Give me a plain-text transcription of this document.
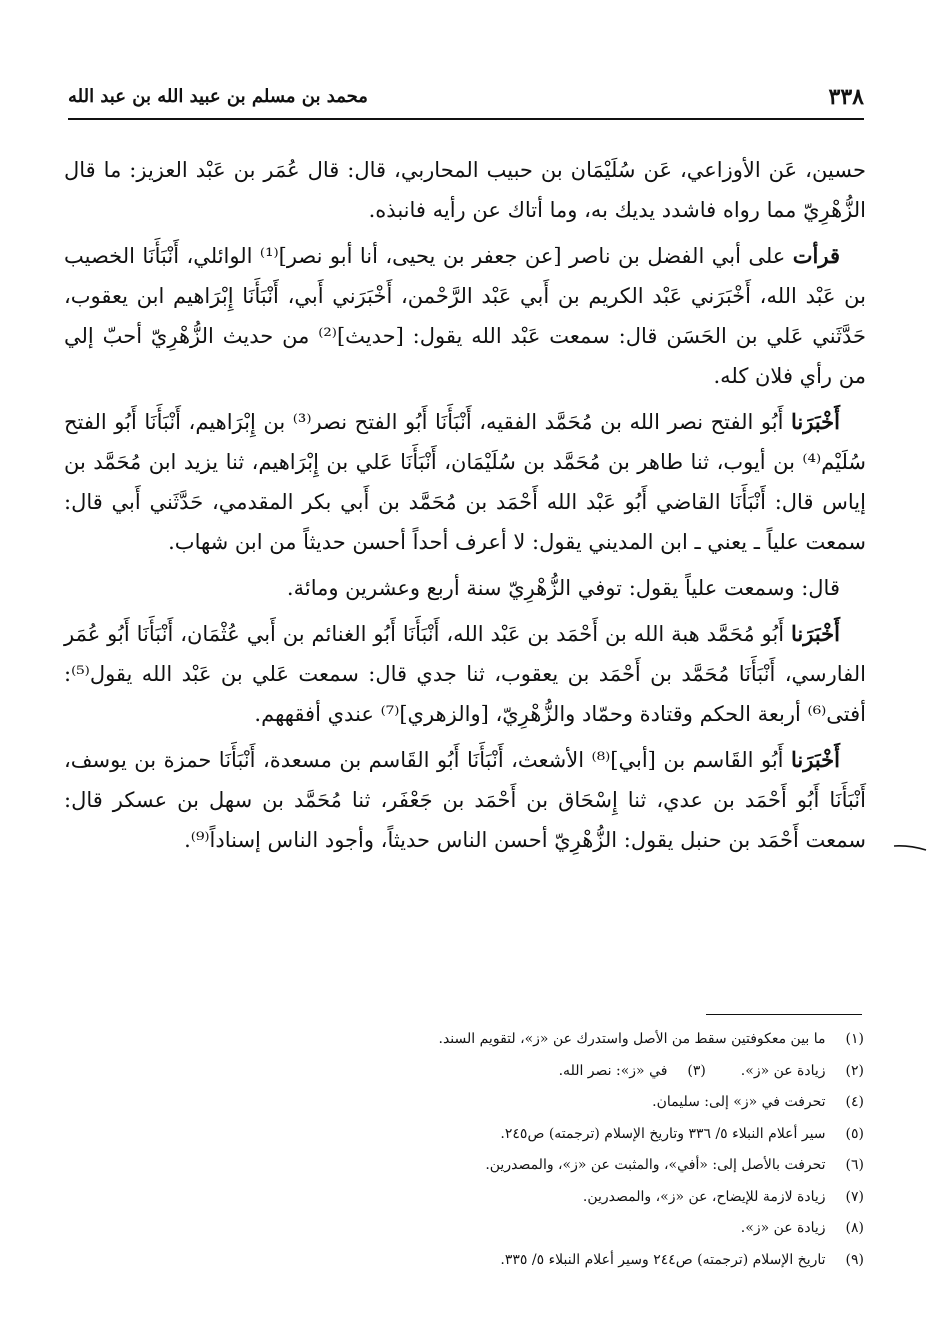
٣٣٨
محمد بن مسلم بن عبيد الله بن عبد الله

حسين، عَن الأوزاعي، عَن سُلَيْمَان بن حبيب المحاربي، قال: قال عُمَر بن عَبْد العزيز: ما قال الزُّهْرِيّ مما رواه فاشدد يديك به، وما أتاك عن رأيه فانبذه.

قرأت على أبي الفضل بن ناصر [عن جعفر بن يحيى، أنا أبو نصر]⁽¹⁾ الوائلي، أَنْبَأَنَا الخصيب بن عَبْد الله، أَخْبَرَني عَبْد الكريم بن أَبي عَبْد الرَّحْمن، أَخْبَرَني أَبي، أَنْبَأَنَا إِبْرَاهيم ابن يعقوب، حَدَّثَني عَلي بن الحَسَن قال: سمعت عَبْد الله يقول: [حديث]⁽²⁾ من حديث الزُّهْرِيّ أحبّ إلي من رأي فلان كله.

أَخْبَرَنا أَبُو الفتح نصر الله بن مُحَمَّد الفقيه، أَنْبَأَنَا أَبُو الفتح نصر⁽³⁾ بن إِبْرَاهيم، أَنْبَأَنَا أَبُو الفتح سُلَيْم⁽⁴⁾ بن أيوب، ثنا طاهر بن مُحَمَّد بن سُلَيْمَان، أَنْبَأَنَا عَلي بن إِبْرَاهيم، ثنا يزيد ابن مُحَمَّد بن إياس قال: أَنْبَأَنَا القاضي أَبُو عَبْد الله أَحْمَد بن مُحَمَّد بن أَبي بكر المقدمي، حَدَّثَني أَبي قال: سمعت علياً ـ يعني ـ ابن المديني يقول: لا أعرف أحداً أحسن حديثاً من ابن شهاب.

قال: وسمعت علياً يقول: توفي الزُّهْرِيّ سنة أربع وعشرين ومائة.

أَخْبَرَنا أَبُو مُحَمَّد هبة الله بن أَحْمَد بن عَبْد الله، أَنْبَأَنَا أَبُو الغنائم بن أَبي عُثْمَان، أَنْبَأَنَا أَبُو عُمَر الفارسي، أَنْبَأَنَا مُحَمَّد بن أَحْمَد بن يعقوب، ثنا جدي قال: سمعت عَلي بن عَبْد الله يقول⁽⁵⁾: أفتى⁽⁶⁾ أربعة الحكم وقتادة وحمّاد والزُّهْرِيّ، [والزهري]⁽⁷⁾ عندي أفقههم.

أَخْبَرَنا أَبُو القَاسم بن [أبي]⁽⁸⁾ الأشعث، أَنْبَأَنَا أَبُو القَاسم بن مسعدة، أَنْبَأَنَا حمزة بن يوسف، أَنْبَأَنَا أَبُو أَحْمَد بن عدي، ثنا إِسْحَاق بن أَحْمَد بن جَعْفَر، ثنا مُحَمَّد بن سهل بن عسكر قال: سمعت أَحْمَد بن حنبل يقول: الزُّهْرِيّ أحسن الناس حديثاً، وأجود الناس إسناداً⁽⁹⁾.

(١) ما بين معكوفتين سقط من الأصل واستدرك عن «ز»، لتقويم السند.
(٢) زيادة عن «ز».  (٣) في «ز»: نصر الله.
(٤) تحرفت في «ز» إلى: سليمان.
(٥) سير أعلام النبلاء ٥/ ٣٣٦ وتاريخ الإسلام (ترجمته) ص٢٤٥.
(٦) تحرفت بالأصل إلى: «أفي»، والمثبت عن «ز»، والمصدرين.
(٧) زيادة لازمة للإيضاح، عن «ز»، والمصدرين.
(٨) زيادة عن «ز».
(٩) تاريخ الإسلام (ترجمته) ص٢٤٤ وسير أعلام النبلاء ٥/ ٣٣٥.
